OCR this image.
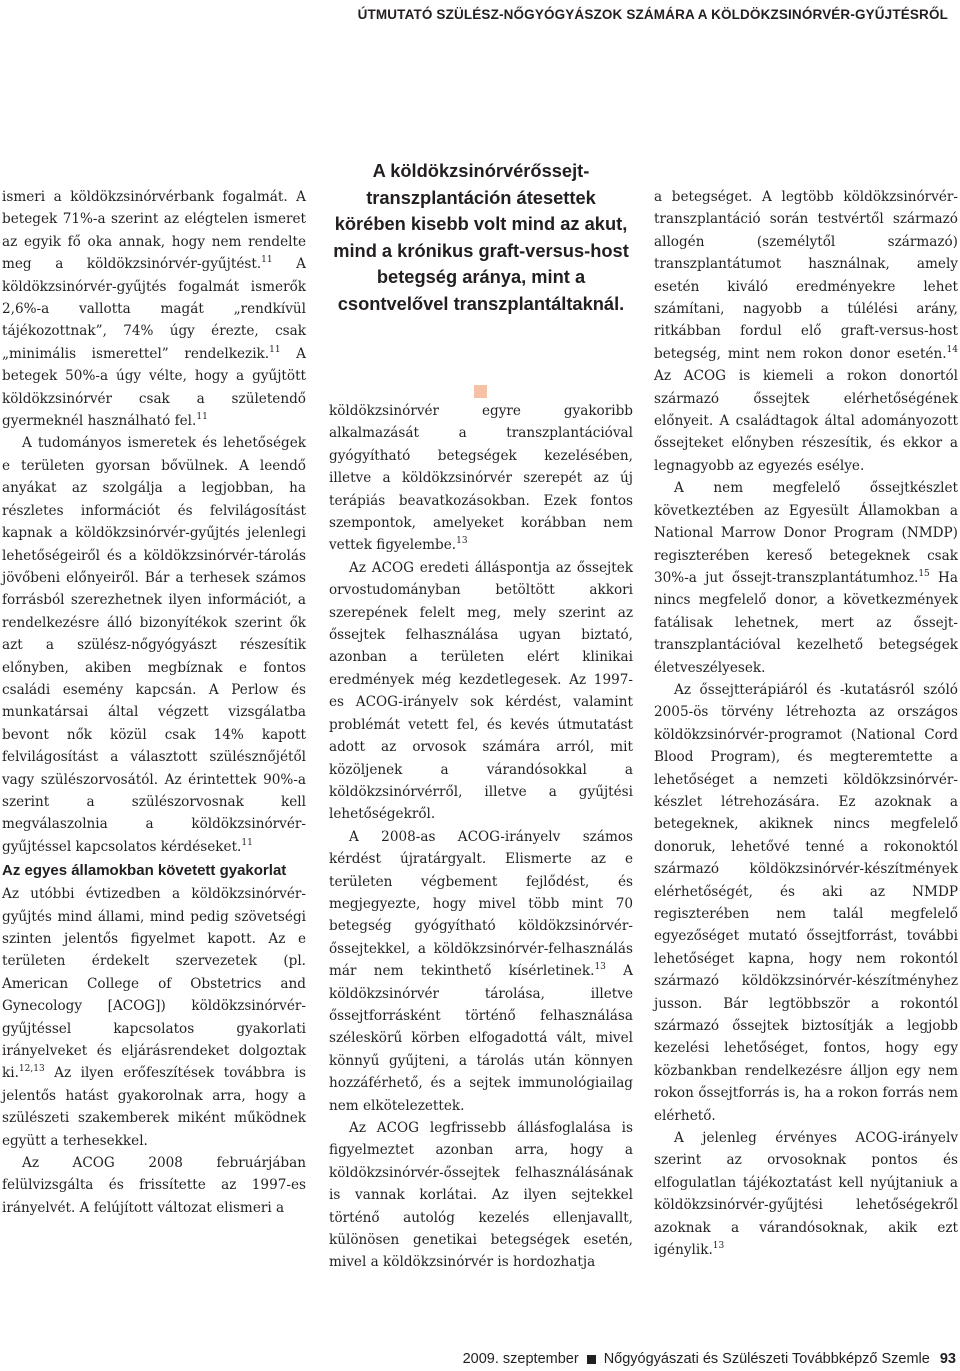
ÚTMUTATÓ SZÜLÉSZ-NŐGYÓGYÁSZOK SZÁMÁRA A KÖLDÖKZSINÓRVÉR-GYŰJTÉSRŐL

ismeri a köldökzsinórvérbank fogalmát. A betegek 71%-a szerint az elégtelen ismeret az egyik fő oka annak, hogy nem rendelte meg a köldökzsinórvér-gyűjtést.$^{11}$ A köldökzsinórvér-gyűjtés fogalmát ismerők 2,6%-a vallotta magát „rendkívül tájékozottnak”, 74% úgy érezte, csak „minimális ismerettel” rendelkezik.$^{11}$ A betegek 50%-a úgy vélte, hogy a gyűjtött köldökzsinórvér csak a születendő gyermeknél használható fel.$^{11}$

A tudományos ismeretek és lehetőségek e területen gyorsan bővülnek. A leendő anyákat az szolgálja a legjobban, ha részletes információt és felvilágosítást kapnak a köldökzsinórvér-gyűjtés jelenlegi lehetőségeiről és a köldökzsinórvér-tárolás jövőbeni előnyeiről. Bár a terhesek számos forrásból szerezhetnek ilyen információt, a rendelkezésre álló bizonyítékok szerint ők azt a szülész-nőgyógyászt részesítik előnyben, akiben megbíznak e fontos családi esemény kapcsán. A Perlow és munkatársai által végzett vizsgálatba bevont nők közül csak 14% kapott felvilágosítást a választott szülésznőjétől vagy szülészorvosától. Az érintettek 90%-a szerint a szülészorvosnak kell megválaszolnia a köldökzsinórvér-gyűjtéssel kapcsolatos kérdéseket.$^{11}$

Az egyes államokban követett gyakorlat

Az utóbbi évtizedben a köldökzsinórvér-gyűjtés mind állami, mind pedig szövetségi szinten jelentős figyelmet kapott. Az e területen érdekelt szervezetek (pl. American College of Obstetrics and Gynecology [ACOG]) köldökzsinórvér-gyűjtéssel kapcsolatos gyakorlati irányelveket és eljárásrendeket dolgoztak ki.$^{12,13}$ Az ilyen erőfeszítések továbbra is jelentős hatást gyakorolnak arra, hogy a szülészeti szakemberek miként működnek együtt a terhesekkel.

Az ACOG 2008 februárjában felülvizsgálta és frissítette az 1997-es irányelvét. A felújított változat elismeri a

A köldökzsinórvérőssejt-transzplantáción átesettek körében kisebb volt mind az akut, mind a krónikus graft-versus-host betegség aránya, mint a csontvelővel transzplantáltaknál.

köldökzsinórvér egyre gyakoribb alkalmazását a transzplantációval gyógyítható betegségek kezelésében, illetve a köldökzsinórvér szerepét az új terápiás beavatkozásokban. Ezek fontos szempontok, amelyeket korábban nem vettek figyelembe.$^{13}$

Az ACOG eredeti álláspontja az őssejtek orvostudományban betöltött akkori szerepének felelt meg, mely szerint az őssejtek felhasználása ugyan biztató, azonban a területen elért klinikai eredmények még kezdetlegesek. Az 1997-es ACOG-irányelv sok kérdést, valamint problémát vetett fel, és kevés útmutatást adott az orvosok számára arról, mit közöljenek a várandósokkal a köldökzsinórvérről, illetve a gyűjtési lehetőségekről.

A 2008-as ACOG-irányelv számos kérdést újratárgyalt. Elismerte az e területen végbement fejlődést, és megjegyezte, hogy mivel több mint 70 betegség gyógyítható köldökzsinórvér-őssejtekkel, a köldökzsinórvér-felhasználás már nem tekinthető kísérletinek.$^{13}$ A köldökzsinórvér tárolása, illetve őssejtforrásként történő felhasználása széleskörű körben elfogadottá vált, mivel könnyű gyűjteni, a tárolás után könnyen hozzáférhető, és a sejtek immunológiailag nem elkötelezettek.

Az ACOG legfrissebb állásfoglalása is figyelmeztet azonban arra, hogy a köldökzsinórvér-őssejtek felhasználásának is vannak korlátai. Az ilyen sejtekkel történő autológ kezelés ellenjavallt, különösen genetikai betegségek esetén, mivel a köldökzsinórvér is hordozhatja

a betegséget. A legtöbb köldökzsinórvér-transzplantáció során testvértől származó allogén (személytől származó) transzplantátumot használnak, amely esetén kiváló eredményekre lehet számítani, nagyobb a túlélési arány, ritkábban fordul elő graft-versus-host betegség, mint nem rokon donor esetén.$^{14}$ Az ACOG is kiemeli a rokon donortól származó őssejtek elérhetőségének előnyeit. A családtagok által adományozott őssejteket előnyben részesítik, és ekkor a legnagyobb az egyezés esélye.

A nem megfelelő őssejtkészlet következtében az Egyesült Államokban a National Marrow Donor Program (NMDP) regiszterében kereső betegeknek csak 30%-a jut őssejt-transzplantátumhoz.$^{15}$ Ha nincs megfelelő donor, a következmények fatálisak lehetnek, mert az őssejt-transzplantációval kezelhető betegségek életveszélyesek.

Az őssejtterápiáról és -kutatásról szóló 2005-ös törvény létrehozta az országos köldökzsinórvér-programot (National Cord Blood Program), és megteremtette a lehetőséget a nemzeti köldökzsinórvér-készlet létrehozására. Ez azoknak a betegeknek, akiknek nincs megfelelő donoruk, lehetővé tenné a rokonoktól származó köldökzsinórvér-készítmények elérhetőségét, és aki az NMDP regiszterében nem talál megfelelő egyezőséget mutató őssejtforrást, további lehetőséget kapna, hogy nem rokontól származó köldökzsinórvér-készítményhez jusson. Bár legtöbbször a rokontól származó őssejtek biztosítják a legjobb kezelési lehetőséget, fontos, hogy egy közbankban rendelkezésre álljon egy nem rokon őssejtforrás is, ha a rokon forrás nem elérhető.

A jelenleg érvényes ACOG-irányelv szerint az orvosoknak pontos és elfogulatlan tájékoztatást kell nyújtaniuk a köldökzsinórvér-gyűjtési lehetőségekről azoknak a várandósoknak, akik ezt igénylik.$^{13}$

2009. szeptember Nőgyógyászati és Szülészeti Továbbképző Szemle 93
